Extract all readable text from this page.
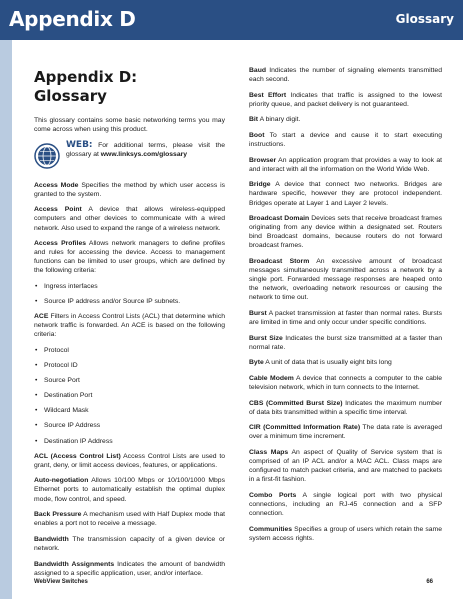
Appendix D	Glossary
Appendix D:
Glossary

This glossary contains some basic networking terms you may come across when using this product.

WEB: For additional terms, please visit the glossary at www.linksys.com/glossary

Access Mode Specifies the method by which user access is granted to the system.

Access Point A device that allows wireless-equipped computers and other devices to communicate with a wired network. Also used to expand the range of a wireless network.

Access Profiles Allows network managers to define profiles and rules for accessing the device. Access to management functions can be limited to user groups, which are defined by the following criteria:

• Ingress interfaces
• Source IP address and/or Source IP subnets.

ACE Filters in Access Control Lists (ACL) that determine which network traffic is forwarded. An ACE is based on the following criteria:

• Protocol
• Protocol ID
• Source Port
• Destination Port
• Wildcard Mask
• Source IP Address
• Destination IP Address

ACL (Access Control List) Access Control Lists are used to grant, deny, or limit access devices, features, or applications.

Auto-negotiation Allows 10/100 Mbps or 10/100/1000 Mbps Ethernet ports to automatically establish the optimal duplex mode, flow control, and speed.

Back Pressure A mechanism used with Half Duplex mode that enables a port not to receive a message.

Bandwidth The transmission capacity of a given device or network.

Bandwidth Assignments Indicates the amount of bandwidth assigned to a specific application, user, and/or interface.

Baud Indicates the number of signaling elements transmitted each second.

Best Effort Indicates that traffic is assigned to the lowest priority queue, and packet delivery is not guaranteed.

Bit A binary digit.

Boot To start a device and cause it to start executing instructions.

Browser An application program that provides a way to look at and interact with all the information on the World Wide Web.

Bridge A device that connect two networks. Bridges are hardware specific, however they are protocol independent. Bridges operate at Layer 1 and Layer 2 levels.

Broadcast Domain Devices sets that receive broadcast frames originating from any device within a designated set. Routers bind Broadcast domains, because routers do not forward broadcast frames.

Broadcast Storm An excessive amount of broadcast messages simultaneously transmitted across a network by a single port. Forwarded message responses are heaped onto the network, overloading network resources or causing the network to time out.

Burst A packet transmission at faster than normal rates. Bursts are limited in time and only occur under specific conditions.

Burst Size Indicates the burst size transmitted at a faster than normal rate.

Byte A unit of data that is usually eight bits long

Cable Modem A device that connects a computer to the cable television network, which in turn connects to the Internet.

CBS (Committed Burst Size) Indicates the maximum number of data bits transmitted within a specific time interval.

CIR (Committed Information Rate) The data rate is averaged over a minimum time increment.

Class Maps An aspect of Quality of Service system that is comprised of an IP ACL and/or a MAC ACL. Class maps are configured to match packet criteria, and are matched to packets in a first-fit fashion.

Combo Ports A single logical port with two physical connections, including an RJ-45 connection and a SFP connection.

Communities Specifies a group of users which retain the same system access rights.

WebView Switches	66
